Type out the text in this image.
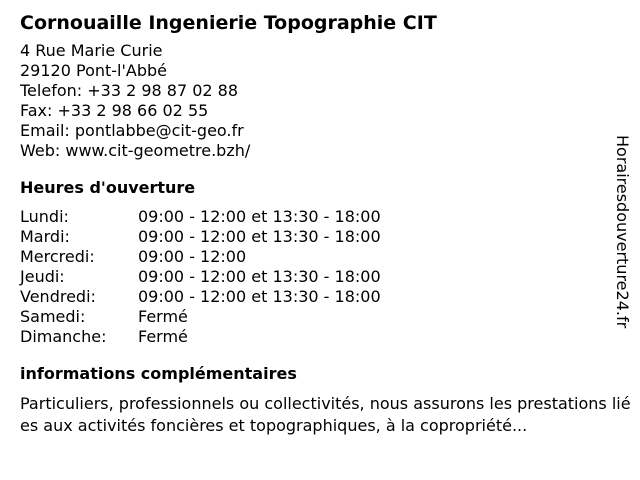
Cornouaille Ingenierie Topographie CIT
4 Rue Marie Curie
29120 Pont-l'Abbé
Telefon: +33 2 98 87 02 88
Fax: +33 2 98 66 02 55
Email: pontlabbe@cit-geo.fr
Web: www.cit-geometre.bzh/
Heures d'ouverture
Lundi:	09:00 - 12:00 et 13:30 - 18:00
Mardi:	09:00 - 12:00 et 13:30 - 18:00
Mercredi:	09:00 - 12:00
Jeudi:	09:00 - 12:00 et 13:30 - 18:00
Vendredi:	09:00 - 12:00 et 13:30 - 18:00
Samedi:	Fermé
Dimanche:	Fermé
informations complémentaires
Particuliers, professionnels ou collectivités, nous assurons les prestations liées aux activités foncières et topographiques, à la copropriété...
Horairesdouverture24.fr
